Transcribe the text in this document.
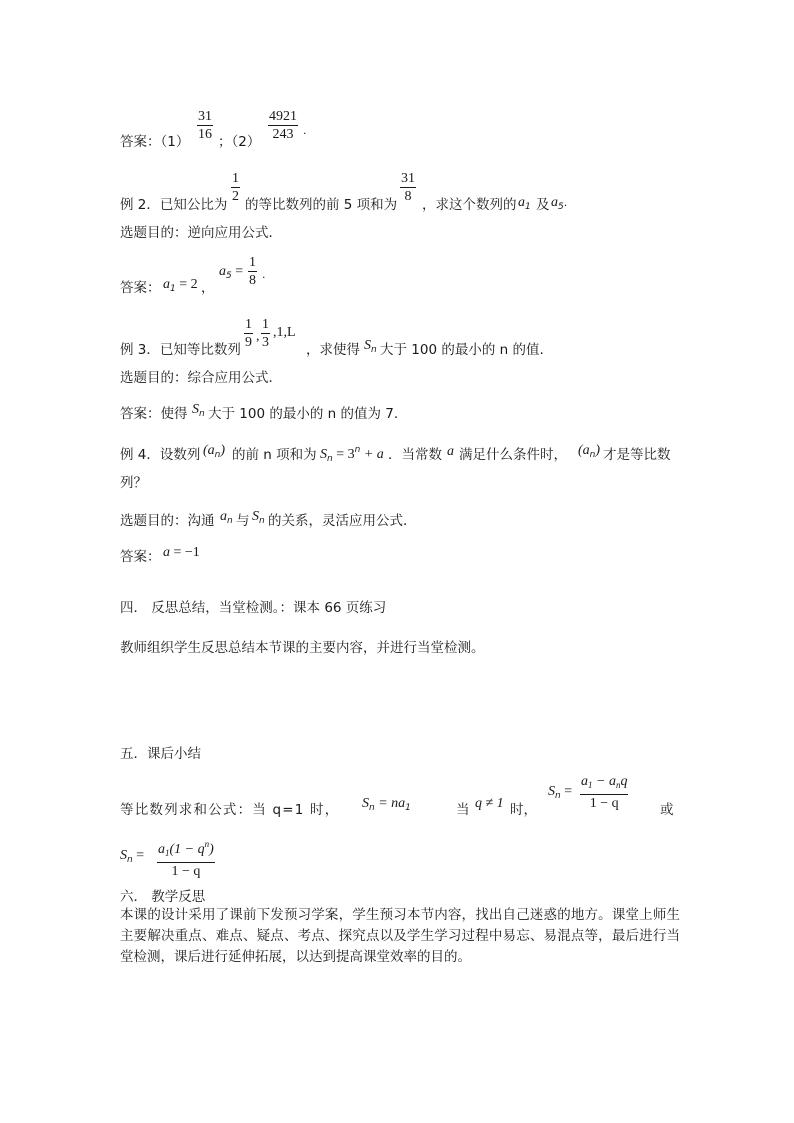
答案：$(1) \frac{31}{16}$ ；$(2) \frac{4921}{243}$ .
例 2．已知公比为 $\frac{1}{2}$ 的等比数列的前 5 项和为 $\frac{31}{8}$ ，求这个数列的 $a_1$ 及 $a_5$.
选题目的：逆向应用公式．
答案： $a_1 = 2$ ，
$a_5 = \frac{1}{8}$ .
例 3．已知等比数列 $\frac{1}{9}$ , $\frac{1}{3} ,1,L$
，求使得 $S_n$ 大于 100 的最小的 n 的值.
选题目的：综合应用公式．
答案：使得 $S_n$ 大于 100 的最小的 n 的值为 7.
例 4．设数列 $(a_n)$ 的前 n 项和为 $S_n = 3^n + a$ ．当常数 a 满足什么条件时， $(a_n)$ 才是等比数
列？
选题目的：沟通 $a_n$ 与 $S_n$ 的关系，灵活应用公式．
答案： a = −1
四． 反思总结，当堂检测。：课本 66 页练习
教师组织学生反思总结本节课的主要内容，并进行当堂检测。
五．课后小结
等比数列求和公式：当 q=1 时， $S_n = na_1$	当 q ≠ 1 时，
$S_n$ =
$a_1 - a_nq$
1 − q	或
$S_n = \frac{a_1(1 - q^n)}{1 - q}$
六． 教学反思
本课的设计采用了课前下发预习学案，学生预习本节内容，找出自己迷惑的地方。课堂上师生主要解决重点、难点、疑点、考点、探究点以及学生学习过程中易忘、易混点等，最后进行当堂检测，课后进行延伸拓展，以达到提高课堂效率的目的。
